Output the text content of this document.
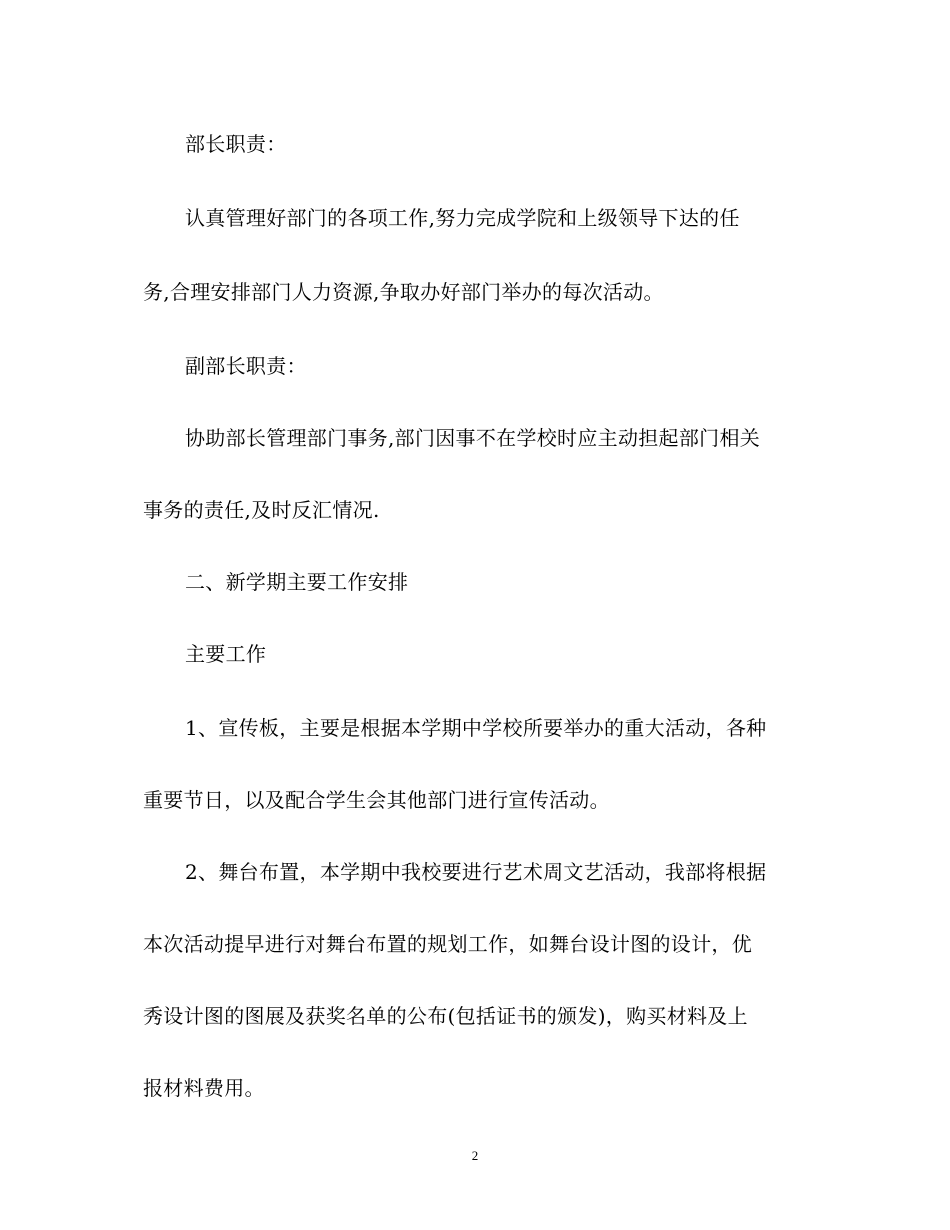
部长职责：
认真管理好部门的各项工作,努力完成学院和上级领导下达的任
务,合理安排部门人力资源,争取办好部门举办的每次活动。
副部长职责：
协助部长管理部门事务,部门因事不在学校时应主动担起部门相关
事务的责任,及时反汇情况.
二、新学期主要工作安排
主要工作
1、宣传板，主要是根据本学期中学校所要举办的重大活动，各种
重要节日，以及配合学生会其他部门进行宣传活动。
2、舞台布置，本学期中我校要进行艺术周文艺活动，我部将根据
本次活动提早进行对舞台布置的规划工作，如舞台设计图的设计，优
秀设计图的图展及获奖名单的公布(包括证书的颁发)，购买材料及上
报材料费用。
2
